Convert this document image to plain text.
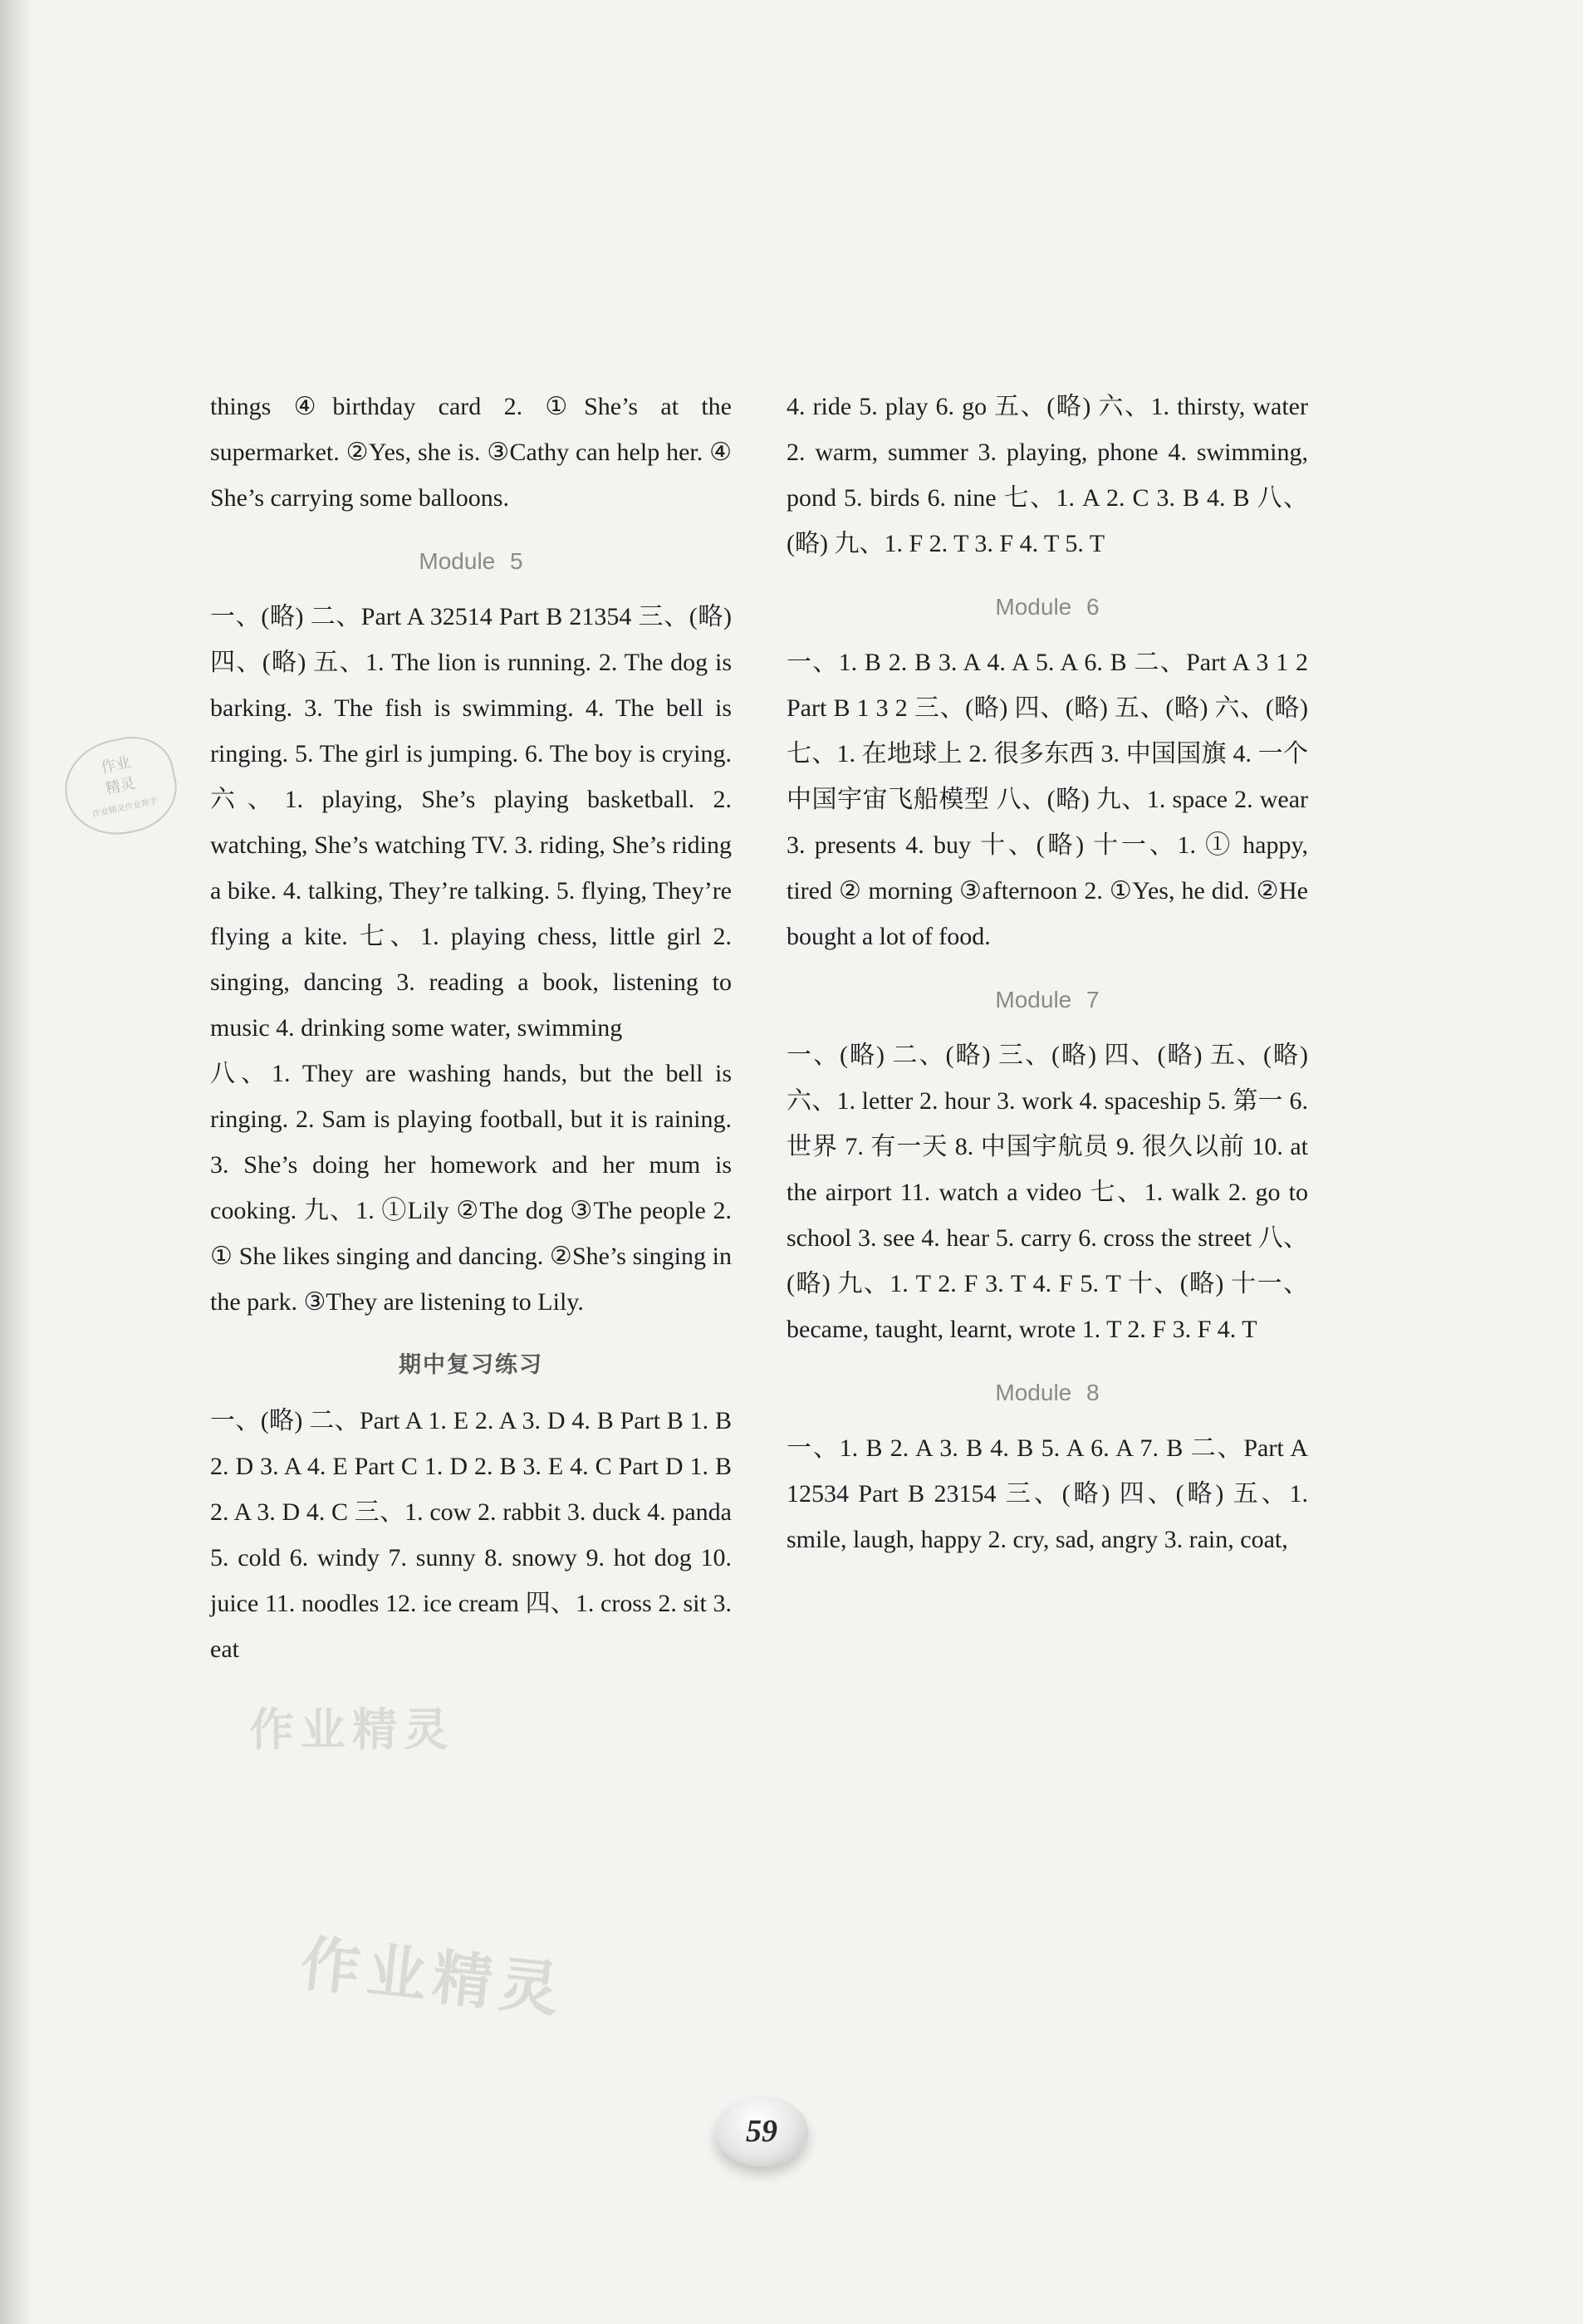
things ④birthday card 2. ①She’s at the supermarket. ②Yes, she is. ③Cathy can help her. ④ She’s carrying some balloons.

Module 5

一、(略) 二、Part A 32514 Part B 21354 三、(略) 四、(略) 五、1. The lion is running. 2. The dog is barking. 3. The fish is swimming. 4. The bell is ringing. 5. The girl is jumping. 6. The boy is crying. 六、1. playing, She’s playing basketball. 2. watching, She’s watching TV. 3. riding, She’s riding a bike. 4. talking, They’re talking. 5. flying, They’re flying a kite. 七、1. playing chess, little girl 2. singing, dancing 3. reading a book, listening to music 4. drinking some water, swimming

八、1. They are washing hands, but the bell is ringing. 2. Sam is playing football, but it is raining. 3. She’s doing her homework and her mum is cooking. 九、1. ①Lily ②The dog ③The people 2. ① She likes singing and dancing. ②She’s singing in the park. ③They are listening to Lily.

期中复习练习

一、(略) 二、Part A 1. E 2. A 3. D 4. B Part B 1. B 2. D 3. A 4. E Part C 1. D 2. B 3. E 4. C Part D 1. B 2. A 3. D 4. C 三、1. cow 2. rabbit 3. duck 4. panda 5. cold 6. windy 7. sunny 8. snowy 9. hot dog 10. juice 11. noodles 12. ice cream 四、1. cross 2. sit 3. eat

4. ride 5. play 6. go 五、(略) 六、1. thirsty, water 2. warm, summer 3. playing, phone 4. swimming, pond 5. birds 6. nine 七、1. A 2. C 3. B 4. B 八、(略) 九、1. F 2. T 3. F 4. T 5. T

Module 6

一、1. B 2. B 3. A 4. A 5. A 6. B 二、Part A 3 1 2 Part B 1 3 2 三、(略) 四、(略) 五、(略) 六、(略) 七、1. 在地球上 2. 很多东西 3. 中国国旗 4. 一个中国宇宙飞船模型 八、(略) 九、1. space 2. wear 3. presents 4. buy 十、(略) 十一、1. ① happy, tired ② morning ③afternoon 2. ①Yes, he did. ②He bought a lot of food.

Module 7

一、(略) 二、(略) 三、(略) 四、(略) 五、(略) 六、1. letter 2. hour 3. work 4. spaceship 5. 第一 6. 世界 7. 有一天 8. 中国宇航员 9. 很久以前 10. at the airport 11. watch a video 七、1. walk 2. go to school 3. see 4. hear 5. carry 6. cross the street 八、(略) 九、1. T 2. F 3. T 4. F 5. T 十、(略) 十一、became, taught, learnt, wrote 1. T 2. F 3. F 4. T

Module 8

一、1. B 2. A 3. B 4. B 5. A 6. A 7. B 二、Part A 12534 Part B 23154 三、(略) 四、(略) 五、1. smile, laugh, happy 2. cry, sad, angry 3. rain, coat,

作业
精灵
作业精灵作业帮手
作业精灵
作业精灵
59
